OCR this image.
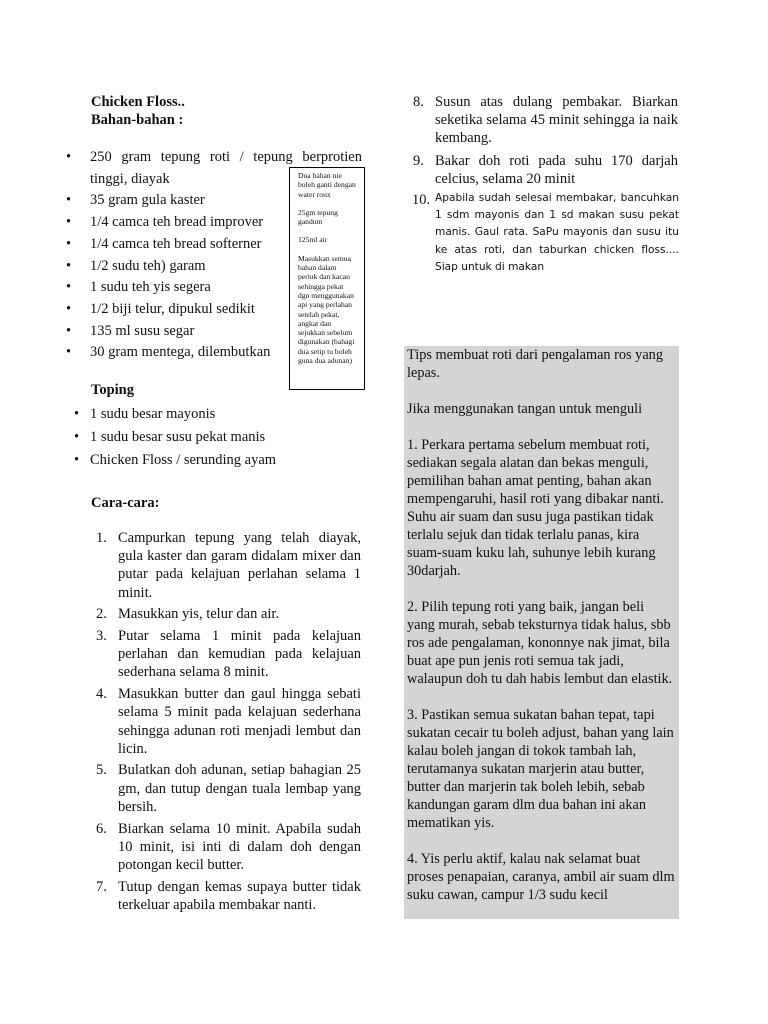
Chicken Floss..
Bahan-bahan :
• 250 gram tepung roti / tepung berprotien tinggi, diayak
• 35 gram gula kaster
• 1/4 camca teh bread improver
• 1/4 camca teh bread softerner
• 1/2 sudu teh) garam
• 1 sudu teh yis segera
• 1/2 biji telur, dipukul sedikit
• 135 ml susu segar
• 30 gram mentega, dilembutkan

Dua bahan nie boleh ganti dengan water roux

25gm tepung gandum

125ml air

Masukkan semua bahan dalam periuk dan kacau sehingga pekat dgn menggunakan api yang perlahan setelah pekat, angkat dan sejukkan sebelum digunakan (bahagi dua setip tu boleh guna dua adunan)

Toping
• 1 sudu besar mayonis
• 1 sudu besar susu pekat manis
• Chicken Floss / serunding ayam
Cara-cara:
1. Campurkan tepung yang telah diayak, gula kaster dan garam didalam mixer dan putar pada kelajuan perlahan selama 1 minit.
2. Masukkan yis, telur dan air.
3. Putar selama 1 minit pada kelajuan perlahan dan kemudian pada kelajuan sederhana selama 8 minit.
4. Masukkan butter dan gaul hingga sebati selama 5 minit pada kelajuan sederhana sehingga adunan roti menjadi lembut dan licin.
5. Bulatkan doh adunan, setiap bahagian 25 gm, dan tutup dengan tuala lembap yang bersih.
6. Biarkan selama 10 minit. Apabila sudah 10 minit, isi inti di dalam doh dengan potongan kecil butter.
7. Tutup dengan kemas supaya butter tidak terkeluar apabila membakar nanti.
8. Susun atas dulang pembakar. Biarkan seketika selama 45 minit sehingga ia naik kembang.
9. Bakar doh roti pada suhu 170 darjah celcius, selama 20 minit
10. Apabila sudah selesai membakar, bancuhkan 1 sdm mayonis dan 1 sd makan susu pekat manis. Gaul rata. SaPu mayonis dan susu itu ke atas roti, dan taburkan chicken floss.... Siap untuk di makan

Tips membuat roti dari pengalaman ros yang lepas.

Jika menggunakan tangan untuk menguli

1. Perkara pertama sebelum membuat roti, sediakan segala alatan dan bekas menguli, pemilihan bahan amat penting, bahan akan mempengaruhi, hasil roti yang dibakar nanti. Suhu air suam dan susu juga pastikan tidak terlalu sejuk dan tidak terlalu panas, kira suam-suam kuku lah, suhunye lebih kurang 30darjah.

2. Pilih tepung roti yang baik, jangan beli yang murah, sebab teksturnya tidak halus, sbb ros ade pengalaman, kononnye nak jimat, bila buat ape pun jenis roti semua tak jadi, walaupun doh tu dah habis lembut dan elastik.

3. Pastikan semua sukatan bahan tepat, tapi sukatan cecair tu boleh adjust, bahan yang lain kalau boleh jangan di tokok tambah lah, terutamanya sukatan marjerin atau butter, butter dan marjerin tak boleh lebih, sebab kandungan garam dlm dua bahan ini akan mematikan yis.

4. Yis perlu aktif, kalau nak selamat buat proses penapaian, caranya, ambil air suam dlm suku cawan, campur 1/3 sudu kecil
